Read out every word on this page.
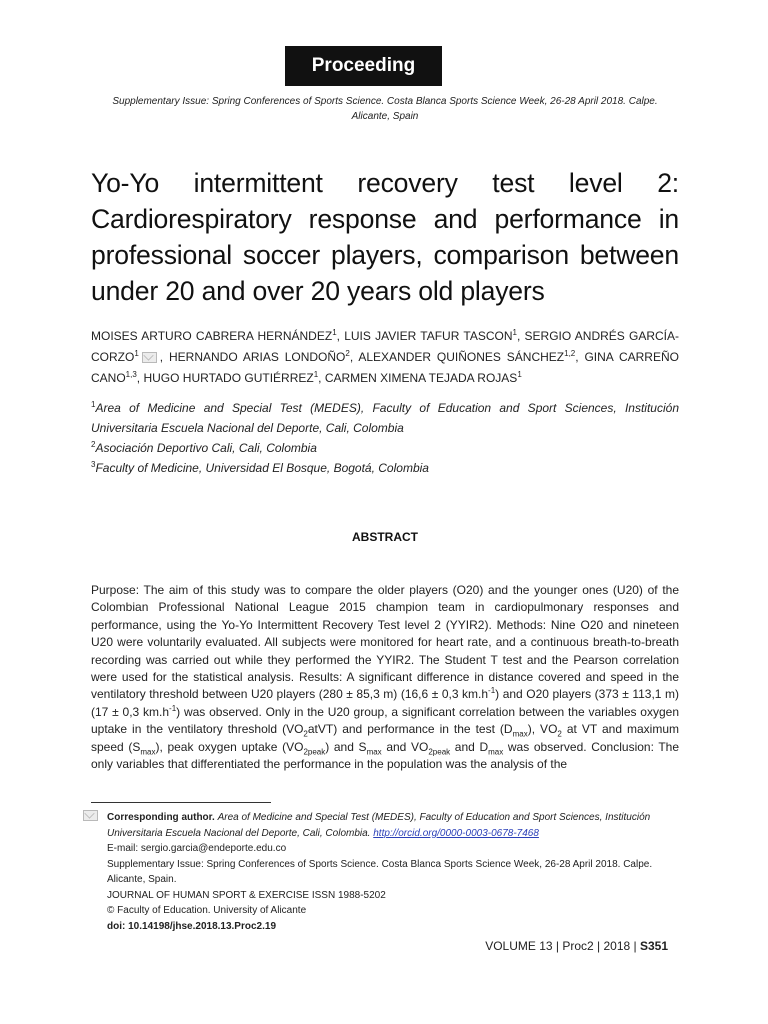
Proceeding
Supplementary Issue: Spring Conferences of Sports Science. Costa Blanca Sports Science Week, 26-28 April 2018. Calpe.
Alicante, Spain
Yo-Yo intermittent recovery test level 2: Cardiorespiratory response and performance in professional soccer players, comparison between under 20 and over 20 years old players
MOISES ARTURO CABRERA HERNÁNDEZ$^1$, LUIS JAVIER TAFUR TASCON$^1$, SERGIO ANDRÉS GARCÍA-CORZO$^1$ , HERNANDO ARIAS LONDOÑO$^2$, ALEXANDER QUIÑONES SÁNCHEZ$^{1,2}$, GINA CARREÑO CANO$^{1,3}$, HUGO HURTADO GUTIÉRREZ$^1$, CARMEN XIMENA TEJADA ROJAS$^1$

$^1$Area of Medicine and Special Test (MEDES), Faculty of Education and Sport Sciences, Institución Universitaria Escuela Nacional del Deporte, Cali, Colombia

$^2$Asociación Deportivo Cali, Cali, Colombia

$^3$Faculty of Medicine, Universidad El Bosque, Bogotá, Colombia

ABSTRACT

Purpose: The aim of this study was to compare the older players (O20) and the younger ones (U20) of the Colombian Professional National League 2015 champion team in cardiopulmonary responses and performance, using the Yo-Yo Intermittent Recovery Test level 2 (YYIR2). Methods: Nine O20 and nineteen U20 were voluntarily evaluated. All subjects were monitored for heart rate, and a continuous breath-to-breath recording was carried out while they performed the YYIR2. The Student T test and the Pearson correlation were used for the statistical analysis. Results: A significant difference in distance covered and speed in the ventilatory threshold between U20 players (280 ± 85,3 m) (16,6 ± 0,3 $km.h^{-1}$) and O20 players (373 ± 113,1 m) (17 ± 0,3 $km.h^{-1}$) was observed. Only in the U20 group, a significant correlation between the variables oxygen uptake in the ventilatory threshold $(VO_2atVT)$ and performance in the test $(D_{max})$, $VO_2$ at VT and maximum speed $(S_{max})$, peak oxygen uptake $(VO_{2peak})$ and $S_{max}$ and $VO_{2peak}$ and $D_{max}$ was observed. Conclusion: The only variables that differentiated the performance in the population was the analysis of the

Corresponding author. Area of Medicine and Special Test (MEDES), Faculty of Education and Sport Sciences, Institución Universitaria Escuela Nacional del Deporte, Cali, Colombia. http://orcid.org/0000-0003-0678-7468
E-mail: sergio.garcia@endeporte.edu.co
Supplementary Issue: Spring Conferences of Sports Science. Costa Blanca Sports Science Week, 26-28 April 2018. Calpe. Alicante, Spain.
JOURNAL OF HUMAN SPORT & EXERCISE ISSN 1988-5202
© Faculty of Education. University of Alicante
doi: 10.14198/jhse.2018.13.Proc2.19
VOLUME 13 | Proc2 | 2018 | S351
